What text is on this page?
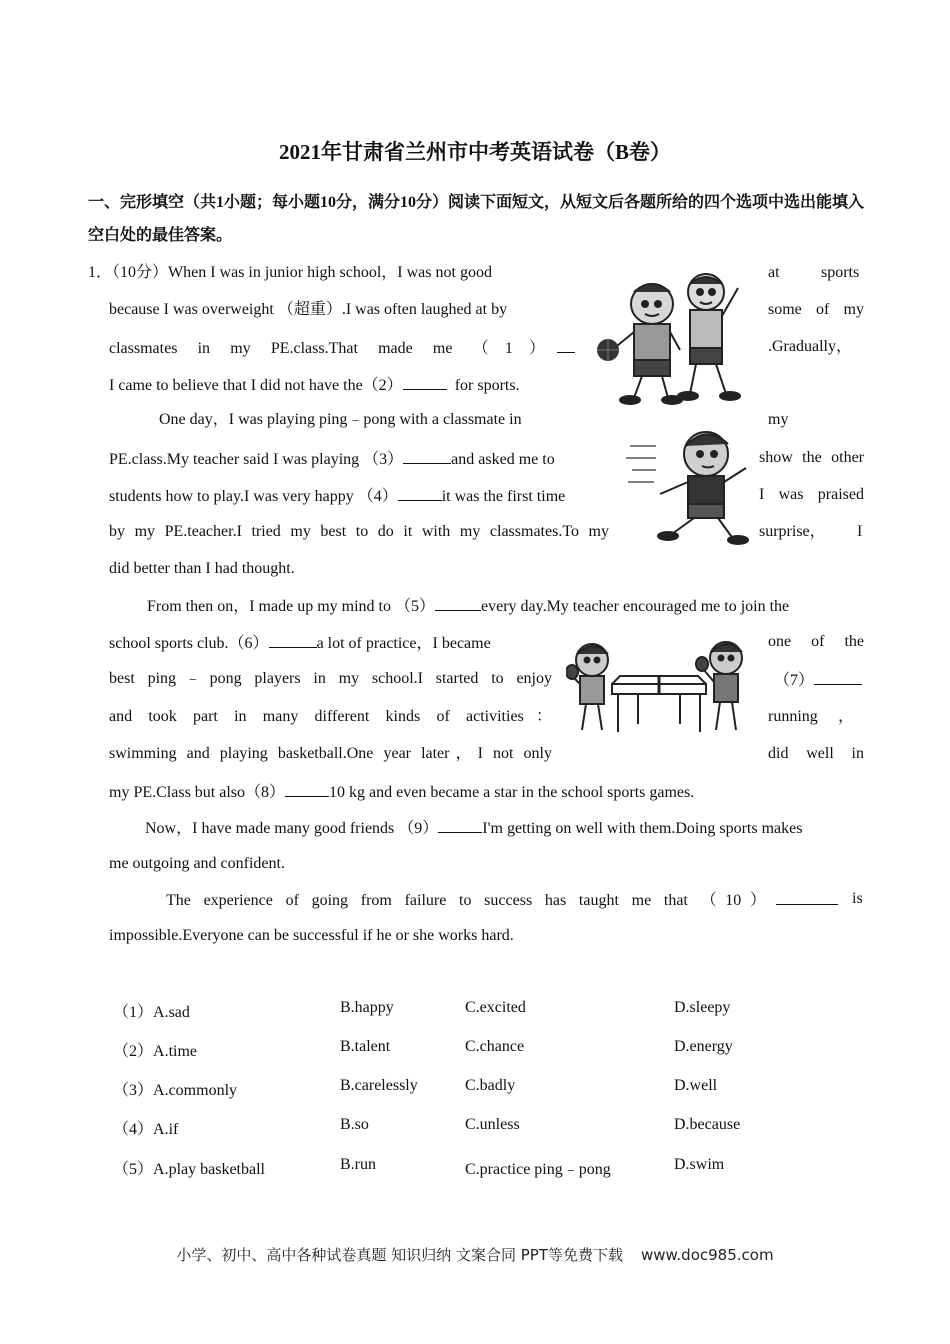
2021年甘肃省兰州市中考英语试卷（B卷）
一、完形填空（共1小题；每小题10分，满分10分）阅读下面短文，从短文后各题所给的四个选项中选出能填入空白处的最佳答案。
1．（10分）When I was in junior high school，I was not good	at	sports
because I was overweight （超重）.I was often laughed at by	some of my
classmates in my PE.class.That made me （1）	.Gradually，
I came to believe that I did not have the（2）	for sports.
One day，I was playing ping﹣pong with a classmate in	my
PE.class.My teacher said I was playing （3）	and asked me to	show the other
students how to play.I was very happy （4）	it was the first time	I was praised
by my PE.teacher.I tried my best to do it with my classmates.To my	surprise， I
did better than I had thought.
From then on，I made up my mind to （5）	every day.My teacher encouraged me to join the
school sports club.（6）	a lot of practice，I became	one of the
best ping﹣pong players in my school.I started to enjoy	（7）
and took part in many different kinds of activities：	running，
swimming and playing basketball.One year later，I not only	did well in
my PE.Class but also（8）	10 kg and even became a star in the school sports games.
Now，I have made many good friends （9）	I'm getting on well with them.Doing sports makes
me outgoing and confident.
The experience of going from failure to success has taught me that （10）	is
impossible.Everyone can be successful if he or she works hard.
（1）A.sad	B.happy	C.excited	D.sleepy
（2）A.time	B.talent	C.chance	D.energy
（3）A.commonly	B.carelessly	C.badly	D.well
（4）A.if	B.so	C.unless	D.because
（5）A.play basketball	B.run	C.practice ping﹣pong	D.swim
小学、初中、高中各种试卷真题 知识归纳 文案合同 PPT等免费下载 www.doc985.com
